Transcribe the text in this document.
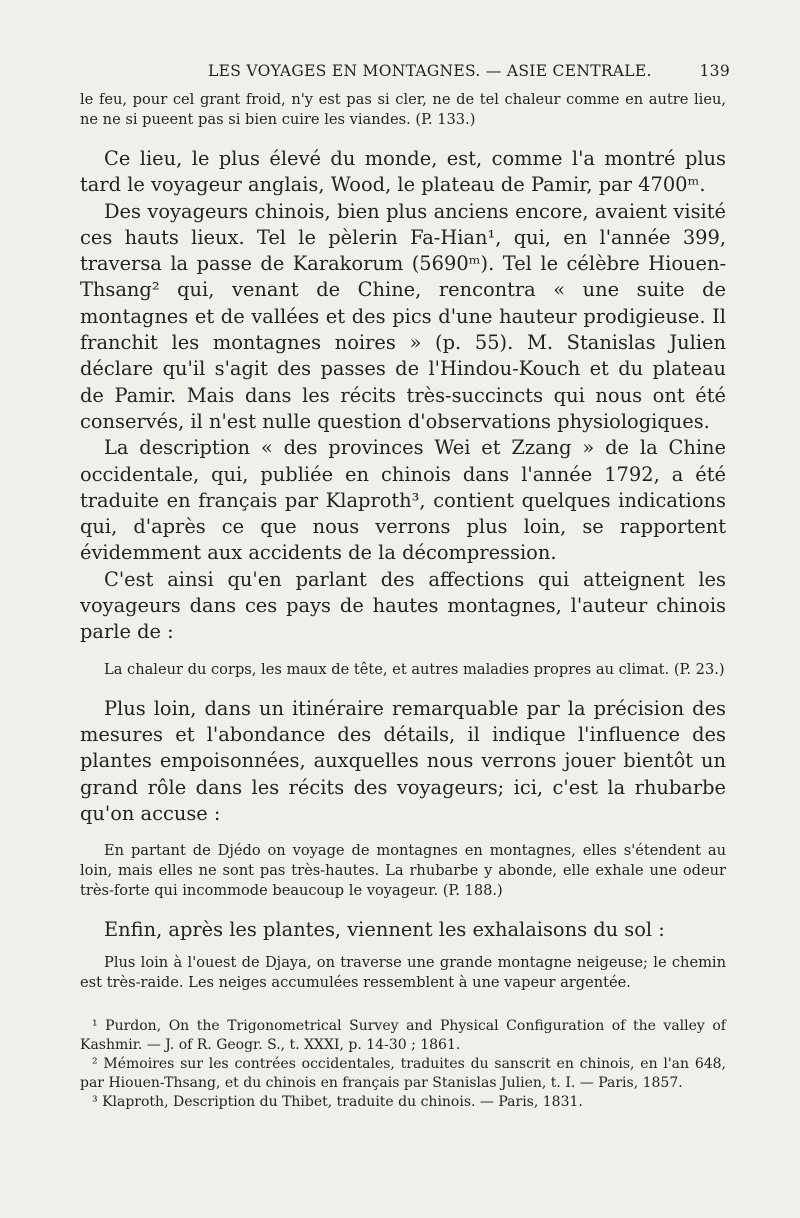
LES VOYAGES EN MONTAGNES. — ASIE CENTRALE.	139

le feu, pour cel grant froid, n'y est pas si cler, ne de tel chaleur comme en autre lieu, ne ne si pueent pas si bien cuire les viandes. (P. 133.)

Ce lieu, le plus élevé du monde, est, comme l'a montré plus tard le voyageur anglais, Wood, le plateau de Pamir, par 4700ᵐ.

Des voyageurs chinois, bien plus anciens encore, avaient visité ces hauts lieux. Tel le pèlerin Fa-Hian¹, qui, en l'année 399, traversa la passe de Karakorum (5690ᵐ). Tel le célèbre Hiouen-Thsang² qui, venant de Chine, rencontra « une suite de montagnes et de vallées et des pics d'une hauteur prodigieuse. Il franchit les montagnes noires » (p. 55). M. Stanislas Julien déclare qu'il s'agit des passes de l'Hindou-Kouch et du plateau de Pamir. Mais dans les récits très-succincts qui nous ont été conservés, il n'est nulle question d'observations physiologiques.

La description « des provinces Wei et Zzang » de la Chine occidentale, qui, publiée en chinois dans l'année 1792, a été traduite en français par Klaproth³, contient quelques indications qui, d'après ce que nous verrons plus loin, se rapportent évidemment aux accidents de la décompression.

C'est ainsi qu'en parlant des affections qui atteignent les voyageurs dans ces pays de hautes montagnes, l'auteur chinois parle de :

La chaleur du corps, les maux de tête, et autres maladies propres au climat. (P. 23.)

Plus loin, dans un itinéraire remarquable par la précision des mesures et l'abondance des détails, il indique l'influence des plantes empoisonnées, auxquelles nous verrons jouer bientôt un grand rôle dans les récits des voyageurs; ici, c'est la rhubarbe qu'on accuse :

En partant de Djédo on voyage de montagnes en montagnes, elles s'étendent au loin, mais elles ne sont pas très-hautes. La rhubarbe y abonde, elle exhale une odeur très-forte qui incommode beaucoup le voyageur. (P. 188.)

Enfin, après les plantes, viennent les exhalaisons du sol :

Plus loin à l'ouest de Djaya, on traverse une grande montagne neigeuse; le chemin est très-raide. Les neiges accumulées ressemblent à une vapeur argentée.

¹ Purdon, On the Trigonometrical Survey and Physical Configuration of the valley of Kashmir. — J. of R. Geogr. S., t. XXXI, p. 14-30 ; 1861.

² Mémoires sur les contrées occidentales, traduites du sanscrit en chinois, en l'an 648, par Hiouen-Thsang, et du chinois en français par Stanislas Julien, t. I. — Paris, 1857.

³ Klaproth, Description du Thibet, traduite du chinois. — Paris, 1831.
